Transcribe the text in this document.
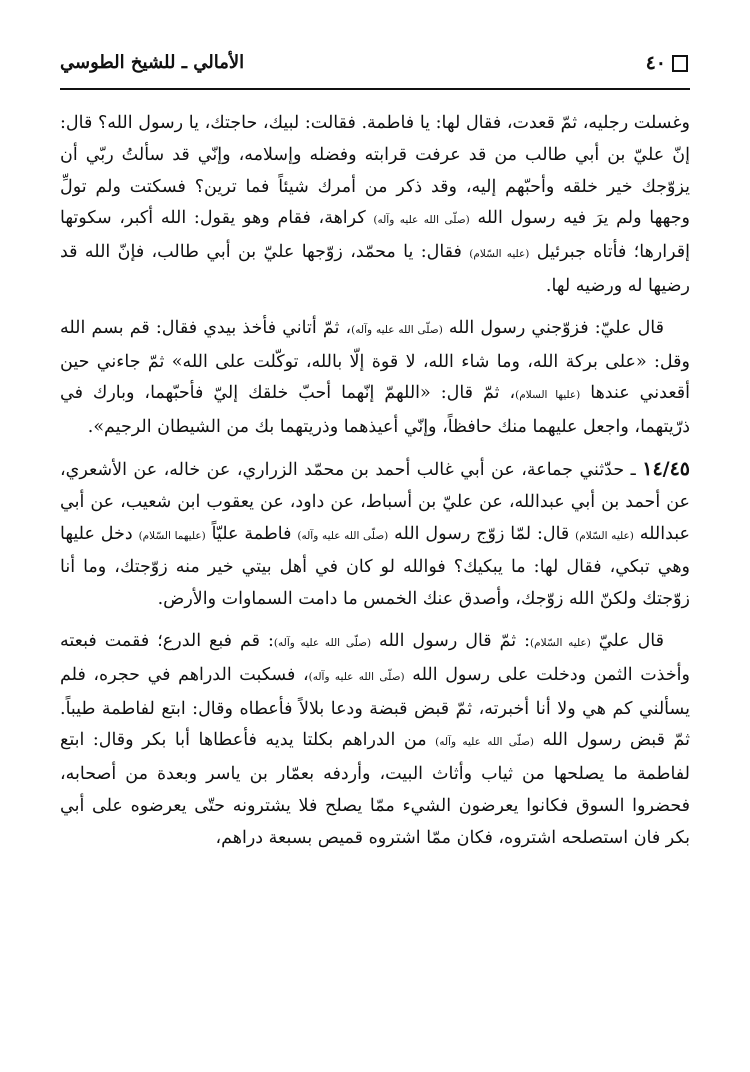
٤٠
الأمالي ـ للشيخ الطوسي

وغسلت رجليه، ثمّ قعدت، فقال لها: يا فاطمة. فقالت: لبيك، حاجتك، يا رسول الله؟ قال: إنّ عليّ بن أبي طالب من قد عرفت قرابته وفضله وإسلامه، وإنّي قد سألتُ ربّي أن يزوّجك خير خلقه وأحبّهم إليه، وقد ذكر من أمرك شيئاً فما ترين؟ فسكتت ولم تولِّ وجهها ولم يرَ فيه رسول الله (صلّى الله عليه وآله) كراهة، فقام وهو يقول: الله أكبر، سكوتها إقرارها؛ فأتاه جبرئيل (عليه السّلام) فقال: يا محمّد، زوّجها عليّ بن أبي طالب، فإنّ الله قد رضيها له ورضيه لها.

قال عليّ: فزوّجني رسول الله (صلّى الله عليه وآله)، ثمّ أتاني فأخذ بيدي فقال: قم بسم الله وقل: «على بركة الله، وما شاء الله، لا قوة إلّا بالله، توكّلت على الله» ثمّ جاءني حين أقعدني عندها (عليها السلام)، ثمّ قال: «اللهمّ إنّهما أحبّ خلقك إليّ فأحبّهما، وبارك في ذرّيتهما، واجعل عليهما منك حافظاً، وإنّي أعيذهما وذريتهما بك من الشيطان الرجيم».

١٤/٤٥ ـ حدّثني جماعة، عن أبي غالب أحمد بن محمّد الزراري، عن خاله، عن الأشعري، عن أحمد بن أبي عبدالله، عن عليّ بن أسباط، عن داود، عن يعقوب ابن شعيب، عن أبي عبدالله (عليه السّلام) قال: لمّا زوّج رسول الله (صلّى الله عليه وآله) فاطمة عليّاً (عليهما السّلام) دخل عليها وهي تبكي، فقال لها: ما يبكيك؟ فوالله لو كان في أهل بيتي خير منه زوّجتك، وما أنا زوّجتك ولكنّ الله زوّجك، وأصدق عنك الخمس ما دامت السماوات والأرض.

قال عليّ (عليه السّلام): ثمّ قال رسول الله (صلّى الله عليه وآله): قم فبع الدرع؛ فقمت فبعته وأخذت الثمن ودخلت على رسول الله (صلّى الله عليه وآله)، فسكبت الدراهم في حجره، فلم يسألني كم هي ولا أنا أخبرته، ثمّ قبض قبضة ودعا بلالاً فأعطاه وقال: ابتع لفاطمة طيباً. ثمّ قبض رسول الله (صلّى الله عليه وآله) من الدراهم بكلتا يديه فأعطاها أبا بكر وقال: ابتع لفاطمة ما يصلحها من ثياب وأثاث البيت، وأردفه بعمّار بن ياسر وبعدة من أصحابه، فحضروا السوق فكانوا يعرضون الشيء ممّا يصلح فلا يشترونه حتّى يعرضوه على أبي بكر فان استصلحه اشتروه، فكان ممّا اشتروه قميص بسبعة دراهم،
